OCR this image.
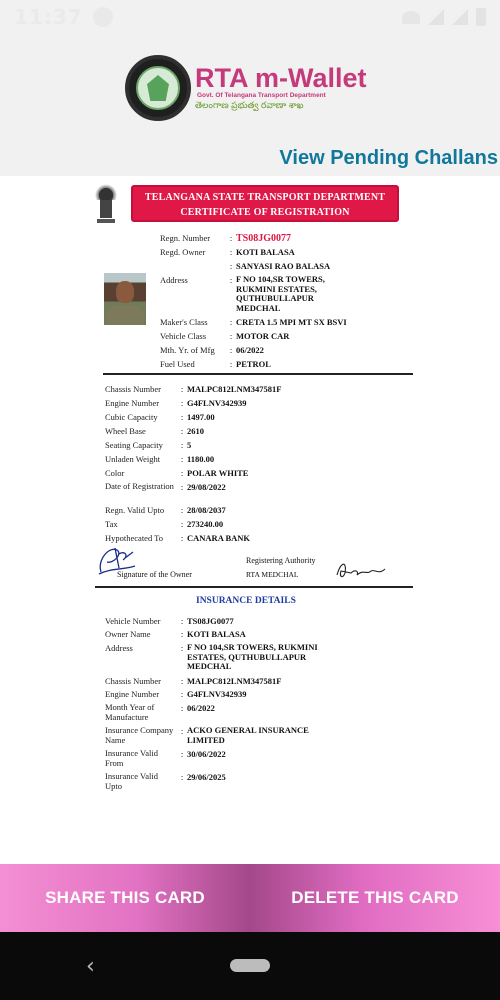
11:37
RTA m-Wallet
Govt. Of Telangana Transport Department
తెలంగాణ ప్రభుత్వ రవాణా శాఖ
View Pending Challans
TELANGANA STATE TRANSPORT DEPARTMENT
CERTIFICATE OF REGISTRATION
Regn. Number	: TS08JG0077
Regd. Owner	: KOTI BALASA
: SANYASI RAO BALASA
Address	: F NO 104,SR TOWERS, RUKMINI ESTATES, QUTHUBULLAPUR MEDCHAL
Maker's Class	: CRETA 1.5 MPI MT SX BSVI
Vehicle Class	: MOTOR CAR
Mth. Yr. of Mfg	: 06/2022
Fuel Used	: PETROL
Chassis Number	: MALPC812LNM347581F
Engine Number	: G4FLNV342939
Cubic Capacity	: 1497.00
Wheel Base	: 2610
Seating Capacity	: 5
Unladen Weight	: 1180.00
Color	: POLAR WHITE
Date of Registration : 29/08/2022
Regn. Valid Upto	: 28/08/2037
Tax	: 273240.00
Hypothecated To	: CANARA BANK
Signature of the Owner
Registering Authority
RTA MEDCHAL
INSURANCE DETAILS
Vehicle Number	: TS08JG0077
Owner Name	: KOTI BALASA
Address	: F NO 104,SR TOWERS, RUKMINI ESTATES, QUTHUBULLAPUR MEDCHAL
Chassis Number	: MALPC812LNM347581F
Engine Number	: G4FLNV342939
Month Year of Manufacture
: 06/2022
Insurance Company Name
: ACKO GENERAL INSURANCE LIMITED
Insurance Valid From
: 30/06/2022
Insurance Valid Upto
: 29/06/2025
SHARE THIS CARD	DELETE THIS CARD
‹
